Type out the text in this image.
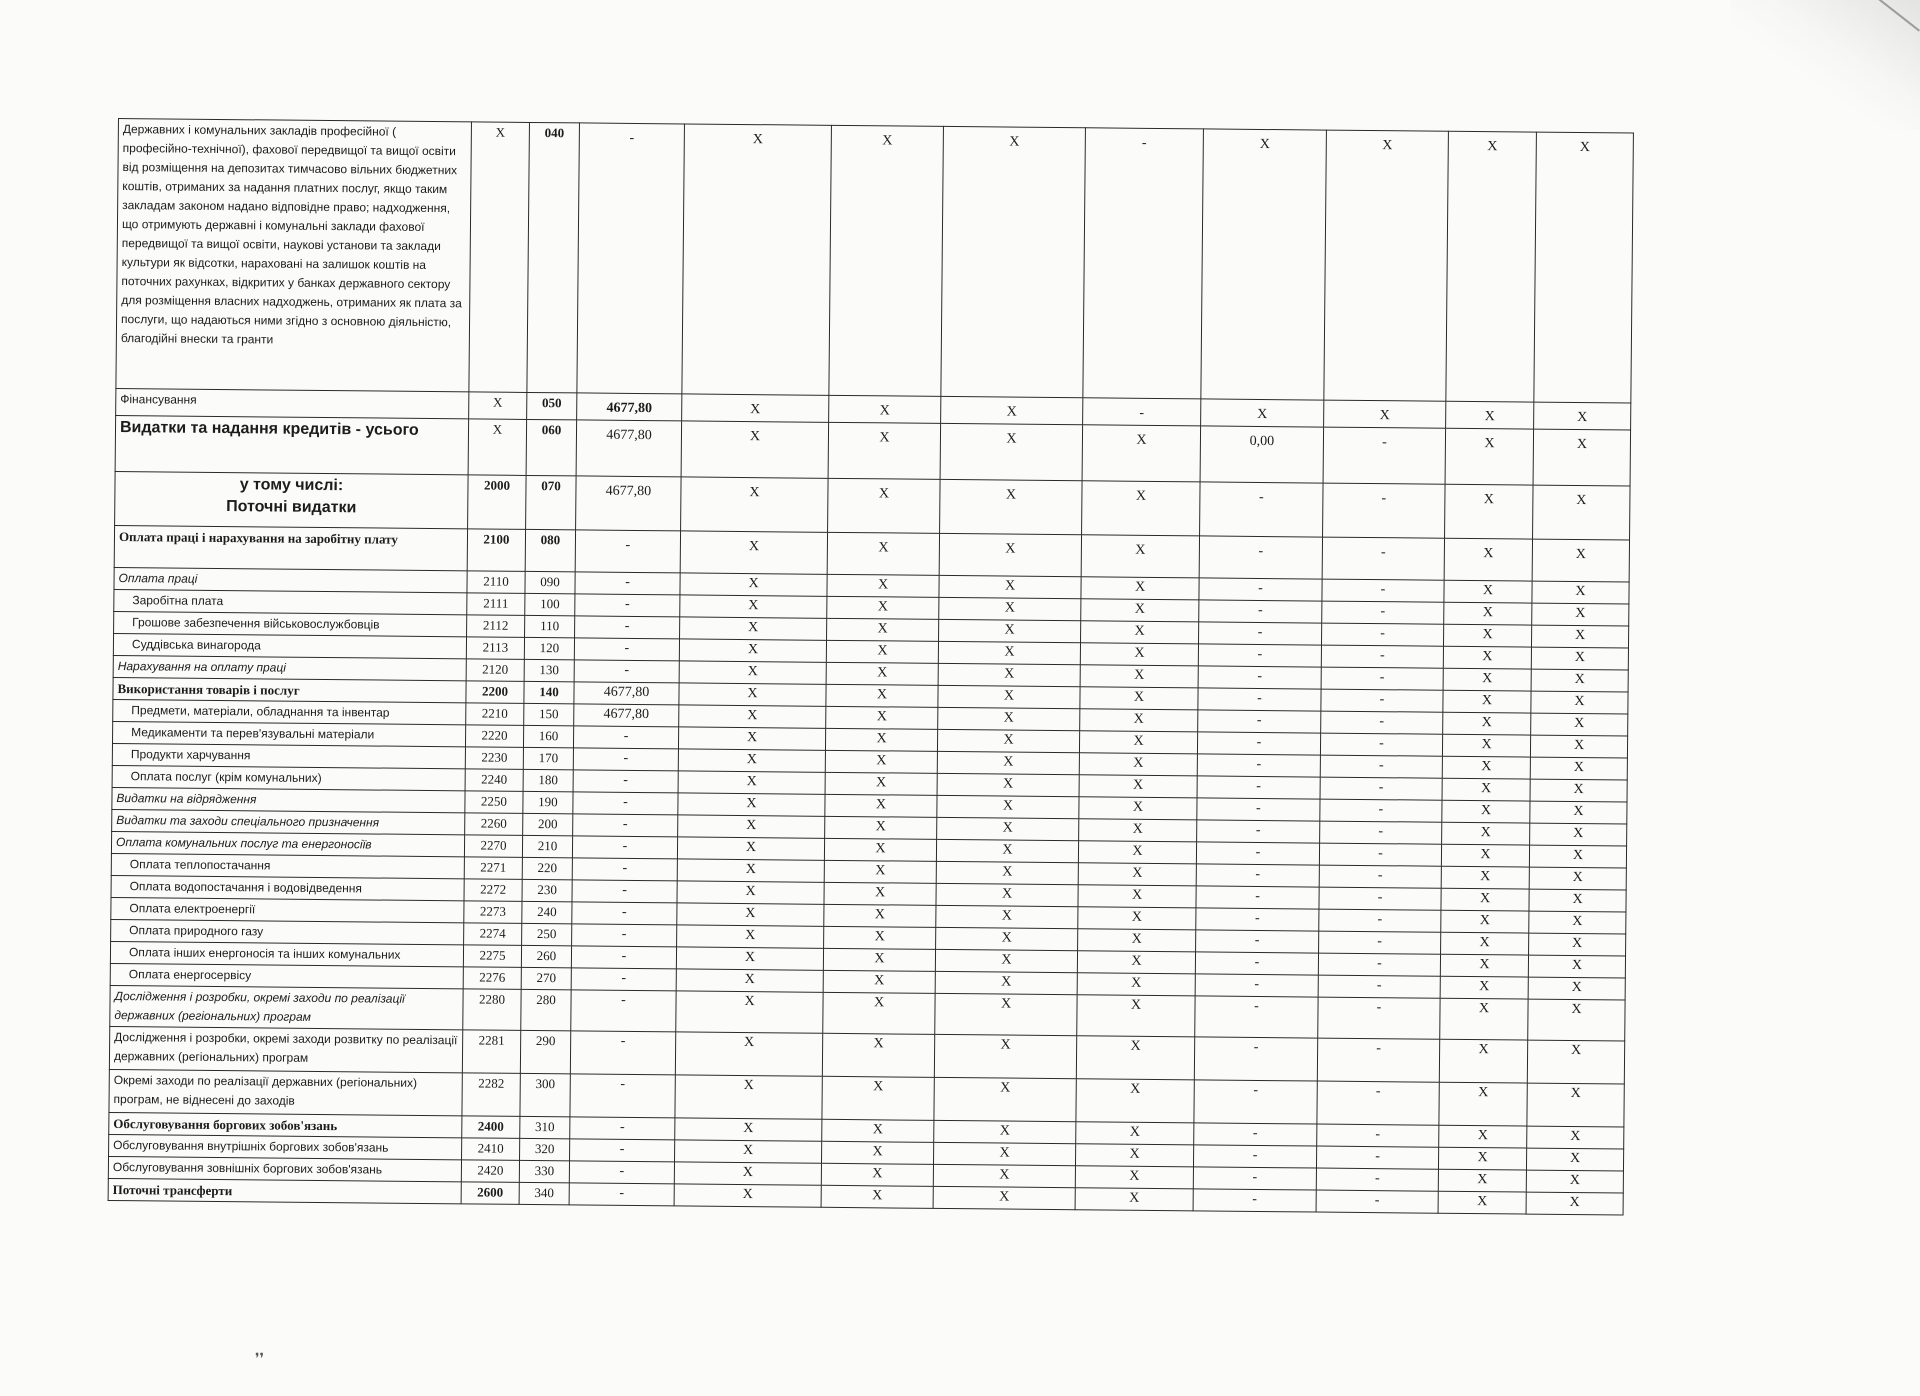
Державних і комунальних закладів професійної ( професійно-технічної), фахової передвищої та вищої освіти від розміщення на депозитах тимчасово вільних бюджетних коштів, отриманих за надання платних послуг, якщо таким закладам законом надано відповідне право; надходження, що отримують державні і комунальні заклади фахової передвищої та вищої освіти, наукові установи та заклади культури як відсотки, нараховані на залишок коштів на поточних рахунках, відкритих у банках державного сектору для розміщення власних надходжень, отриманих як плата за послуги, що надаються ними згідно з основною діяльністю, благодійні внески та гранти	X	040	-	X	X	X	-	X	X	X	X
Фінансування	X	050	4677,80	X	X	X	-	X	X	X	X
Видатки та надання кредитів - усього	X	060	4677,80	X	X	X	X	0,00	-	X	X
у тому числі:
Поточні видатки	2000	070	4677,80	X	X	X	X	-	-	X	X
Оплата праці і нарахування на заробітну плату	2100	080	-	X	X	X	X	-	-	X	X
Оплата праці	2110	090	-	X	X	X	X	-	-	X	X
Заробітна плата	2111	100	-	X	X	X	X	-	-	X	X
Грошове забезпечення військовослужбовців	2112	110	-	X	X	X	X	-	-	X	X
Суддівська винагорода	2113	120	-	X	X	X	X	-	-	X	X
Нарахування на оплату праці	2120	130	-	X	X	X	X	-	-	X	X
Використання товарів і послуг	2200	140	4677,80	X	X	X	X	-	-	X	X
Предмети, матеріали, обладнання та інвентар	2210	150	4677,80	X	X	X	X	-	-	X	X
Медикаменти та перев'язувальні матеріали	2220	160	-	X	X	X	X	-	-	X	X
Продукти харчування	2230	170	-	X	X	X	X	-	-	X	X
Оплата послуг (крім комунальних)	2240	180	-	X	X	X	X	-	-	X	X
Видатки на відрядження	2250	190	-	X	X	X	X	-	-	X	X
Видатки та заходи спеціального призначення	2260	200	-	X	X	X	X	-	-	X	X
Оплата комунальних послуг та енергоносіїв	2270	210	-	X	X	X	X	-	-	X	X
Оплата теплопостачання	2271	220	-	X	X	X	X	-	-	X	X
Оплата водопостачання і водовідведення	2272	230	-	X	X	X	X	-	-	X	X
Оплата електроенергії	2273	240	-	X	X	X	X	-	-	X	X
Оплата природного газу	2274	250	-	X	X	X	X	-	-	X	X
Оплата інших енергоносія та інших комунальних	2275	260	-	X	X	X	X	-	-	X	X
Оплата енергосервісу	2276	270	-	X	X	X	X	-	-	X	X
Дослідження і розробки, окремі заходи по реалізації державних (регіональних) програм	2280	280	-	X	X	X	X	-	-	X	X
Дослідження і розробки, окремі заходи розвитку по реалізації державних (регіональних) програм	2281	290	-	X	X	X	X	-	-	X	X
Окремі заходи по реалізації державних (регіональних) програм, не віднесені до заходів	2282	300	-	X	X	X	X	-	-	X	X
Обслуговування боргових зобов'язань	2400	310	-	X	X	X	X	-	-	X	X
Обслуговування внутрішніх боргових зобов'язань	2410	320	-	X	X	X	X	-	-	X	X
Обслуговування зовнішніх боргових зобов'язань	2420	330	-	X	X	X	X	-	-	X	X
Поточні трансферти	2600	340	-	X	X	X	X	-	-	X	X
❜❜
